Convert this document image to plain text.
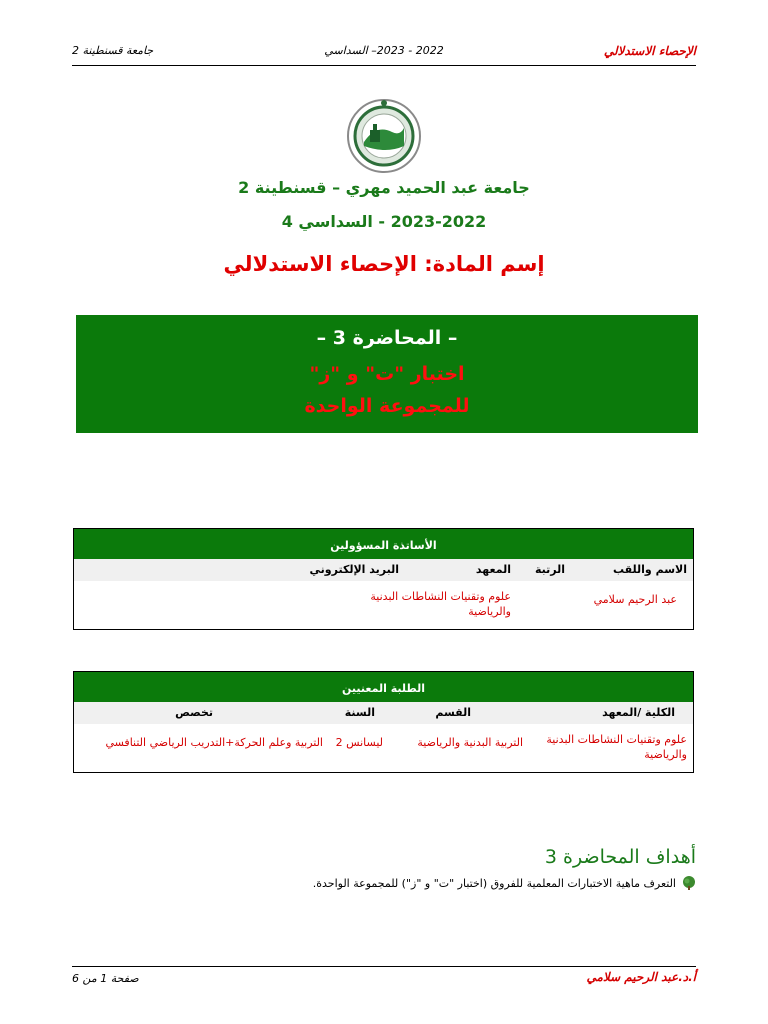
الإحصاء الاستدلالي
2022 - 2023– السداسي
جامعة قسنطينة 2
جامعة عبد الحميد مهري – قسنطينة 2
2023-2022 - السداسي 4
إسم المادة: الإحصاء الاستدلالي
– المحاضرة 3 –
اختبار "ت" و "ز"
للمجموعة الواحدة
الأساتذة المسؤولين
الاسم واللقب
الرتبة
المعهد
البريد الإلكتروني
عبد الرحيم سلامي
علوم وتقنيات النشاطات البدنية والرياضية
الطلبة المعنيين
الكلية /المعهد
القسم
السنة
تخصص
علوم وتقنيات النشاطات البدنية والرياضية
التربية البدنية والرياضية
ليسانس 2
التربية وعلم الحركة+التدريب الرياضي التنافسي
أهداف المحاضرة 3
التعرف ماهية الاختبارات المعلمية للفروق (اختبار "ت" و "ز") للمجموعة الواحدة.
أ.د.عبد الرحيم سلامي
صفحة 1 من 6
